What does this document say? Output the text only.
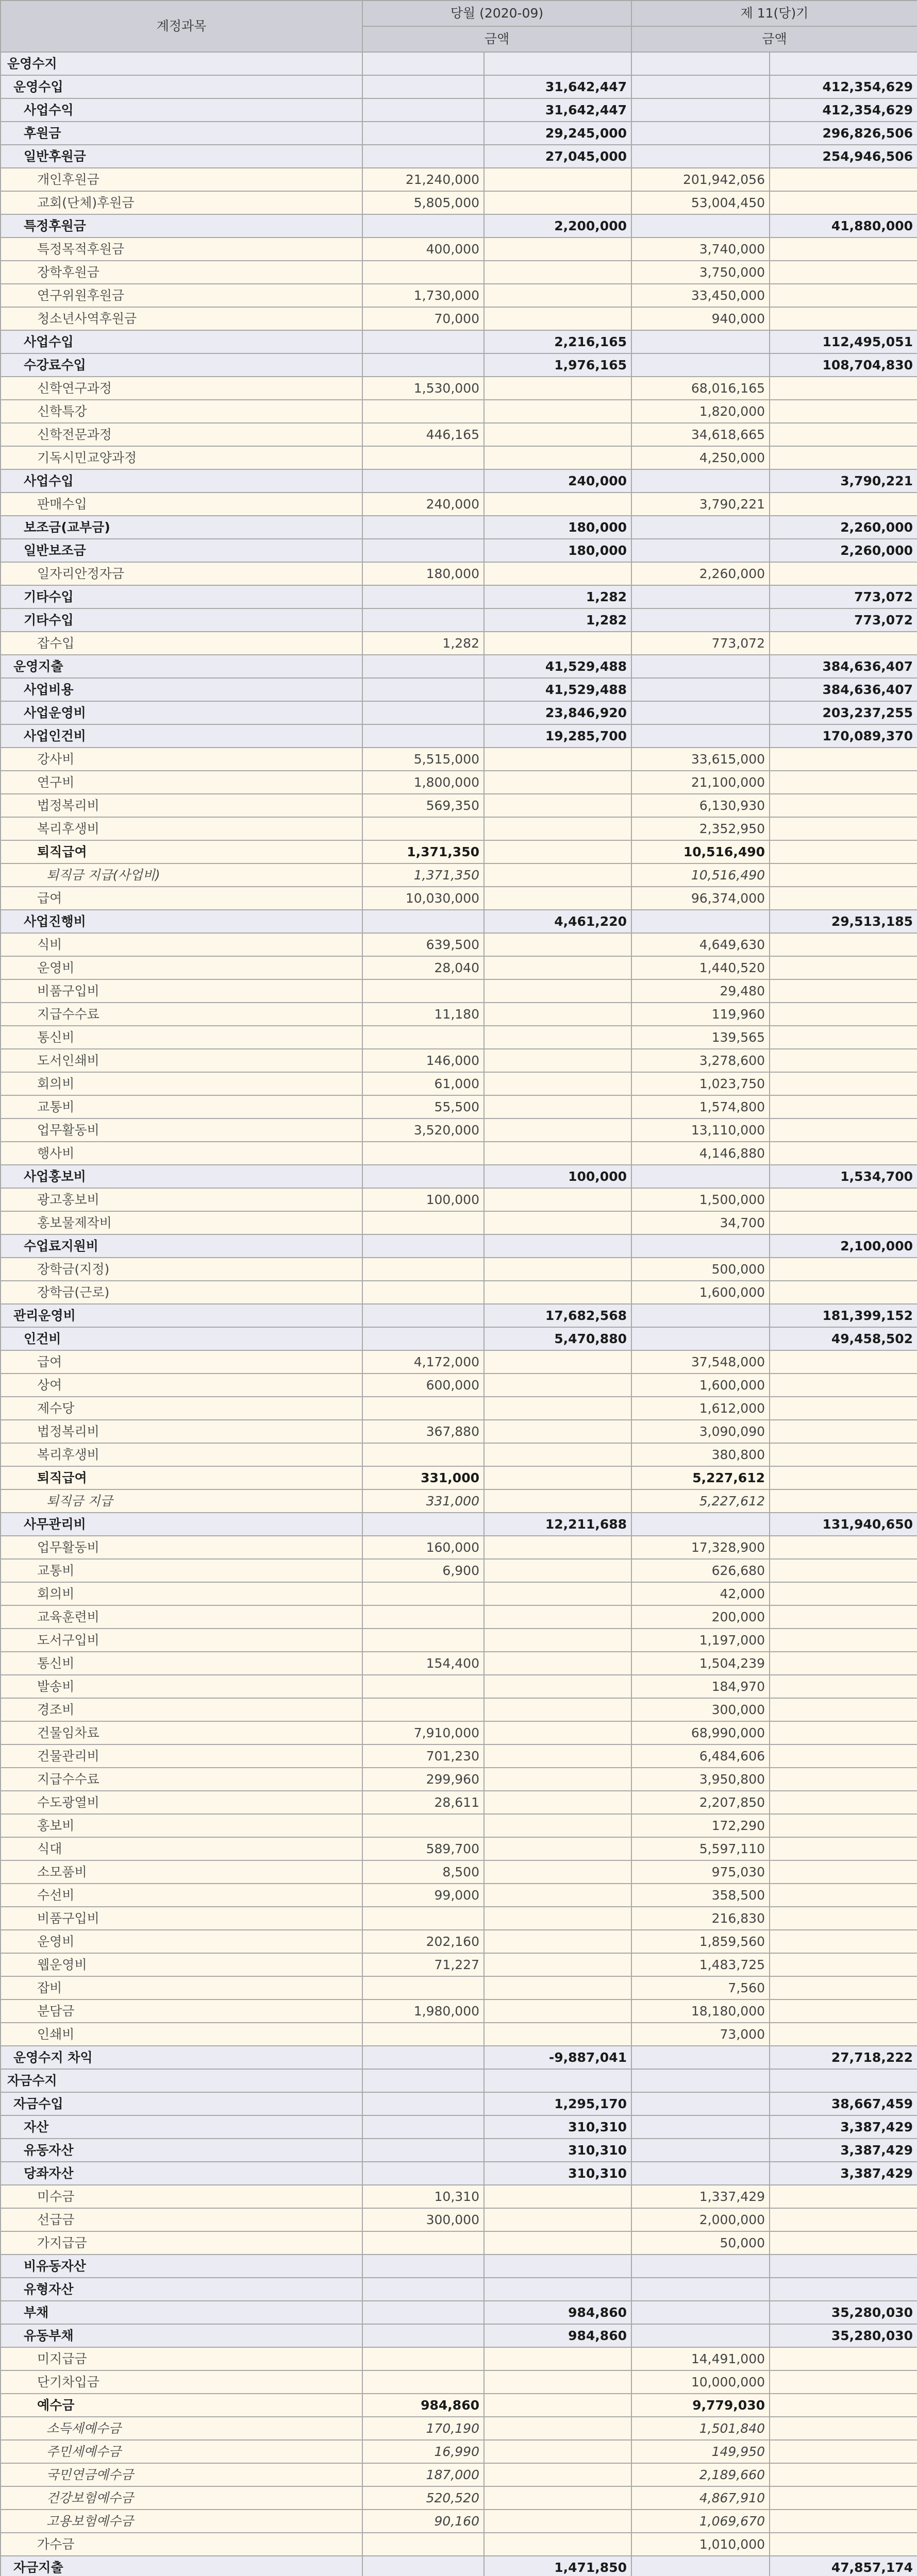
계정과목	당월 (2020-09)		제 11(당)기	
	금액		금액	
운영수지				
운영수입		31,642,447		412,354,629
사업수익		31,642,447		412,354,629
후원금		29,245,000		296,826,506
일반후원금		27,045,000		254,946,506
개인후원금	21,240,000		201,942,056	
교회(단체)후원금	5,805,000		53,004,450	
특정후원금		2,200,000		41,880,000
특정목적후원금	400,000		3,740,000	
장학후원금			3,750,000	
연구위원후원금	1,730,000		33,450,000	
청소년사역후원금	70,000		940,000	
사업수입		2,216,165		112,495,051
수강료수입		1,976,165		108,704,830
신학연구과정	1,530,000		68,016,165	
신학특강			1,820,000	
신학전문과정	446,165		34,618,665	
기독시민교양과정			4,250,000	
사업수입		240,000		3,790,221
판매수입	240,000		3,790,221	
보조금(교부금)		180,000		2,260,000
일반보조금		180,000		2,260,000
일자리안정자금	180,000		2,260,000	
기타수입		1,282		773,072
기타수입		1,282		773,072
잡수입	1,282		773,072	
운영지출		41,529,488		384,636,407
사업비용		41,529,488		384,636,407
사업운영비		23,846,920		203,237,255
사업인건비		19,285,700		170,089,370
강사비	5,515,000		33,615,000	
연구비	1,800,000		21,100,000	
법정복리비	569,350		6,130,930	
복리후생비			2,352,950	
퇴직급여	1,371,350		10,516,490	
퇴직금 지급(사업비)	1,371,350		10,516,490	
급여	10,030,000		96,374,000	
사업진행비		4,461,220		29,513,185
식비	639,500		4,649,630	
운영비	28,040		1,440,520	
비품구입비			29,480	
지급수수료	11,180		119,960	
통신비			139,565	
도서인쇄비	146,000		3,278,600	
회의비	61,000		1,023,750	
교통비	55,500		1,574,800	
업무활동비	3,520,000		13,110,000	
행사비			4,146,880	
사업홍보비		100,000		1,534,700
광고홍보비	100,000		1,500,000	
홍보물제작비			34,700	
수업료지원비				2,100,000
장학금(지정)			500,000	
장학금(근로)			1,600,000	
관리운영비		17,682,568		181,399,152
인건비		5,470,880		49,458,502
급여	4,172,000		37,548,000	
상여	600,000		1,600,000	
제수당			1,612,000	
법정복리비	367,880		3,090,090	
복리후생비			380,800	
퇴직급여	331,000		5,227,612	
퇴직금 지급	331,000		5,227,612	
사무관리비		12,211,688		131,940,650
업무활동비	160,000		17,328,900	
교통비	6,900		626,680	
회의비			42,000	
교육훈련비			200,000	
도서구입비			1,197,000	
통신비	154,400		1,504,239	
발송비			184,970	
경조비			300,000	
건물임차료	7,910,000		68,990,000	
건물관리비	701,230		6,484,606	
지급수수료	299,960		3,950,800	
수도광열비	28,611		2,207,850	
홍보비			172,290	
식대	589,700		5,597,110	
소모품비	8,500		975,030	
수선비	99,000		358,500	
비품구입비			216,830	
운영비	202,160		1,859,560	
웹운영비	71,227		1,483,725	
잡비			7,560	
분담금	1,980,000		18,180,000	
인쇄비			73,000	
운영수지 차익		-9,887,041		27,718,222
자금수지				
자금수입		1,295,170		38,667,459
자산		310,310		3,387,429
유동자산		310,310		3,387,429
당좌자산		310,310		3,387,429
미수금	10,310		1,337,429	
선급금	300,000		2,000,000	
가지급금			50,000	
비유동자산				
유형자산				
부채		984,860		35,280,030
유동부채		984,860		35,280,030
미지급금			14,491,000	
단기차입금			10,000,000	
예수금	984,860		9,779,030	
소득세예수금	170,190		1,501,840	
주민세예수금	16,990		149,950	
국민연금예수금	187,000		2,189,660	
건강보험예수금	520,520		4,867,910	
고용보험예수금	90,160		1,069,670	
가수금			1,010,000	
자금지출		1,471,850		47,857,174
